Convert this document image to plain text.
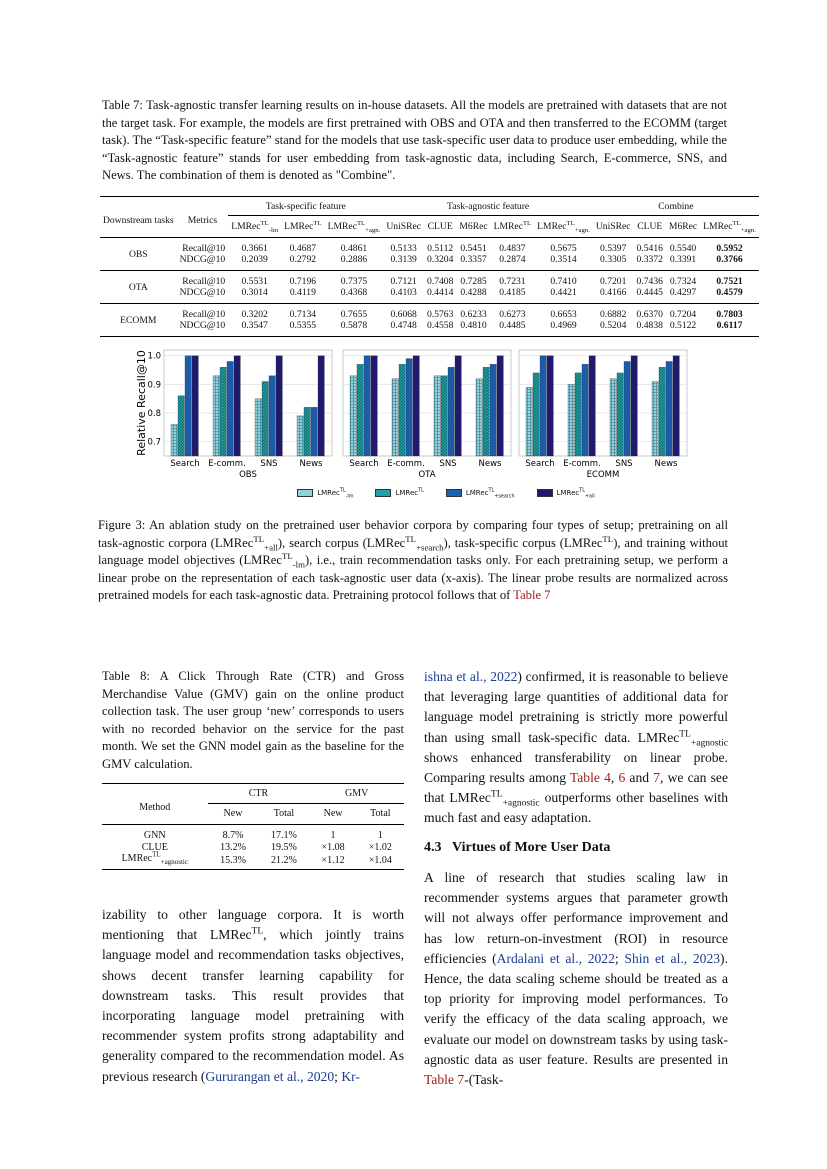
Table 7: Task-agnostic transfer learning results on in-house datasets. All the models are pretrained with datasets that are not the target task. For example, the models are first pretrained with OBS and OTA and then transferred to the ECOMM (target task). The “Task-specific feature” stand for the models that use task-specific user data to produce user embedding, while the “Task-agnostic feature” stands for user embedding from task-agnostic data, including Search, E-commerce, SNS, and News. The combination of them is denoted as "Combine".
Downstream tasks	Metrics	Task-specific feature			Task-agnostic feature					Combine			
		LMRec$^{TL}_{-lm}$	LMRec$^{TL}$	LMRec$^{TL}_{+agn.}$	UniSRec	CLUE	M6Rec	LMRec$^{TL}$	LMRec$^{TL}_{+agn.}$	UniSRec	CLUE	M6Rec	LMRec$^{TL}_{+agn.}$
OBS	Recall@10	0.3661	0.4687	0.4861	0.5133	0.5112	0.5451	0.4837	0.5675	0.5397	0.5416	0.5540	0.5952
	NDCG@10	0.2039	0.2792	0.2886	0.3139	0.3204	0.3357	0.2874	0.3514	0.3305	0.3372	0.3391	0.3766
OTA	Recall@10	0.5531	0.7196	0.7375	0.7121	0.7408	0.7285	0.7231	0.7410	0.7201	0.7436	0.7324	0.7521
	NDCG@10	0.3014	0.4119	0.4368	0.4103	0.4414	0.4288	0.4185	0.4421	0.4166	0.4445	0.4297	0.4579
ECOMM	Recall@10	0.3202	0.7134	0.7655	0.6068	0.5763	0.6233	0.6273	0.6653	0.6882	0.6370	0.7204	0.7803
	NDCG@10	0.3547	0.5355	0.5878	0.4748	0.4558	0.4810	0.4485	0.4969	0.5204	0.4838	0.5122	0.6117
Relative Recall@10 0.7
0.8
0.9
1.0
Search E-comm. SNS	News
OBS
Search E-comm. SNS	News
OTA
Search E-comm. SNS	News
ECOMM
LMRec$^{TL}_{-lm}$	LMRec$^{TL}$	LMRec$^{TL}_{+search}$	LMRec$^{TL}_{+all}$
Figure 3: An ablation study on the pretrained user behavior corpora by comparing four types of setup; pretraining on all task-agnostic corpora (LMRec$^{TL}_{+all}$), search corpus (LMRec$^{TL}_{+search}$), task-specific corpus (LMRec$^{TL}$), and training without language model objectives (LMRec$^{TL}_{-lm}$), i.e., train recommendation tasks only. For each pretraining setup, we perform a linear probe on the representation of each task-agnostic user data (x-axis). The linear probe results are normalized across pretrained models for each task-agnostic data. Pretraining protocol follows that of Table 7
Table 8: A Click Through Rate (CTR) and Gross Merchandise Value (GMV) gain on the online product collection task. The user group ‘new’ corresponds to users with no recorded behavior on the service for the past month. We set the GNN model gain as the baseline for the GMV calculation.
Method	CTR		GMV	
	New	Total	New	Total
GNN	8.7%	17.1%	1	1
CLUE	13.2%	19.5%	×1.08	×1.02
LMRec$^{TL}_{+agnostic}$	15.3%	21.2%	×1.12	×1.04
izability to other language corpora. It is worth mentioning that LMRec$^{TL}$, which jointly trains language model and recommendation tasks objectives, shows decent transfer learning capability for downstream tasks. This result provides that incorporating language model pretraining with recommender system profits strong adaptability and generality compared to the recommendation model. As previous research (Gururangan et al., 2020; Kr-
ishna et al., 2022) confirmed, it is reasonable to believe that leveraging large quantities of additional data for language model pretraining is strictly more powerful than using small task-specific data. LMRec$^{TL}_{+agnostic}$ shows enhanced transferability on linear probe. Comparing results among Table 4, 6 and 7, we can see that LMRec$^{TL}_{+agnostic}$ outperforms other baselines with much fast and easy adaptation.
4.3 Virtues of More User Data
A line of research that studies scaling law in recommender systems argues that parameter growth will not always offer performance improvement and has low return-on-investment (ROI) in resource efficiencies (Ardalani et al., 2022; Shin et al., 2023). Hence, the data scaling scheme should be treated as a top priority for improving model performances. To verify the efficacy of the data scaling approach, we evaluate our model on downstream tasks by using task-agnostic data as user feature. Results are presented in Table 7-(Task-
